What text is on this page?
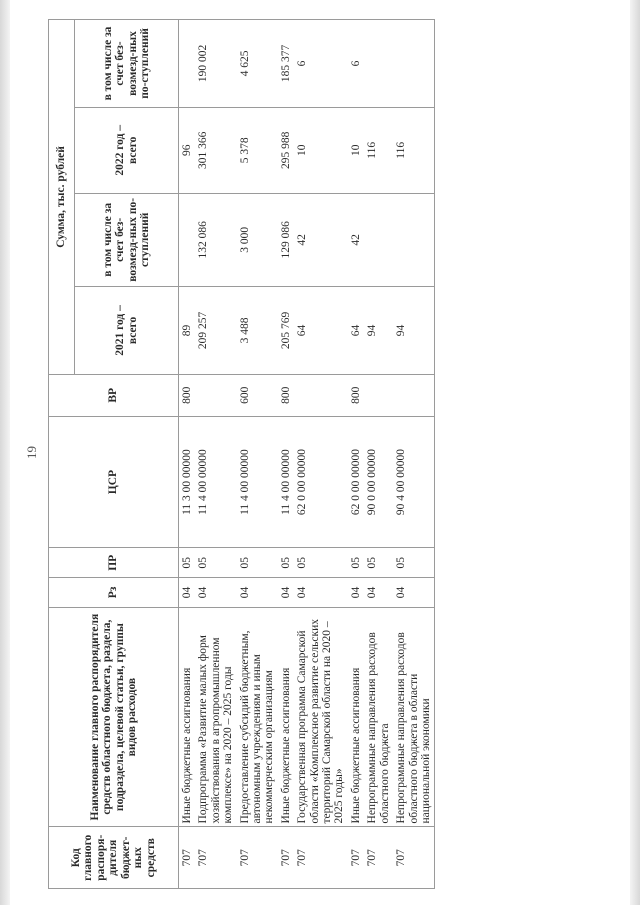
19
Код главного распоря-дителя бюджет-ных средств	Наименование главного распорядителя средств областного бюджета, раздела, подраздела, целевой статьи, группы видов расходов	Рз	ПР	ЦСР	ВР	Сумма, тыс. рублей			
						2021 год – всего	в том числе за счет без-возмезд-ных по-ступлений	2022 год – всего	в том числе за счет без-возмезд-ных по-ступлений
707	Иные бюджетные ассигнования	04	05	11 3 00 00000	800	89		96	
707	Подпрограмма «Развитие малых форм хозяйствования в агропромышленном комплексе» на 2020 – 2025 годы	04	05	11 4 00 00000		209 257	132 086	301 366	190 002
707	Предоставление субсидий бюджетным, автономным учреждениям и иным некоммерческим организациям	04	05	11 4 00 00000	600	3 488	3 000	5 378	4 625
707	Иные бюджетные ассигнования	04	05	11 4 00 00000	800	205 769	129 086	295 988	185 377
707	Государственная программа Самарской области «Комплексное развитие сельских территорий Самарской области на 2020 – 2025 годы»	04	05	62 0 00 00000		64	42	10	6
707	Иные бюджетные ассигнования	04	05	62 0 00 00000	800	64	42	10	6
707	Непрограммные направления расходов областного бюджета	04	05	90 0 00 00000		94		116	
707	Непрограммные направления расходов областного бюджета в области национальной экономики	04	05	90 4 00 00000		94		116	
